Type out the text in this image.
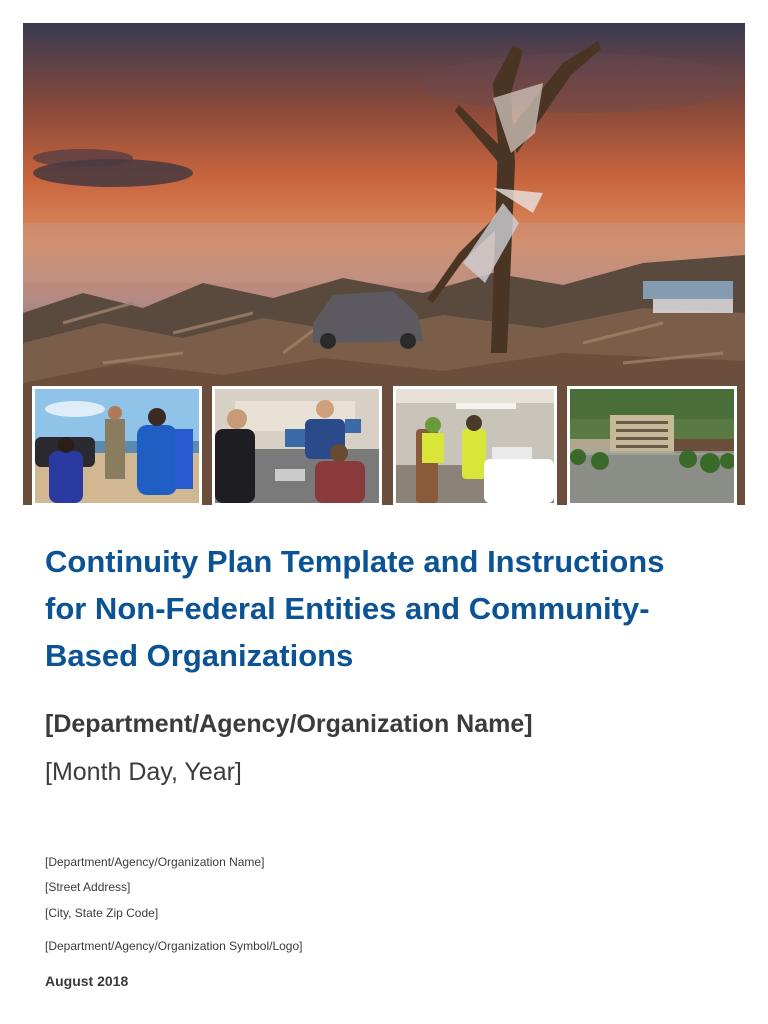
Continuity Plan Template and Instructions
for Non-Federal Entities and Community-
Based Organizations

[Department/Agency/Organization Name]

[Month Day, Year]

[Department/Agency/Organization Name]

[Street Address]

[City, State Zip Code]

[Department/Agency/Organization Symbol/Logo]

August 2018
